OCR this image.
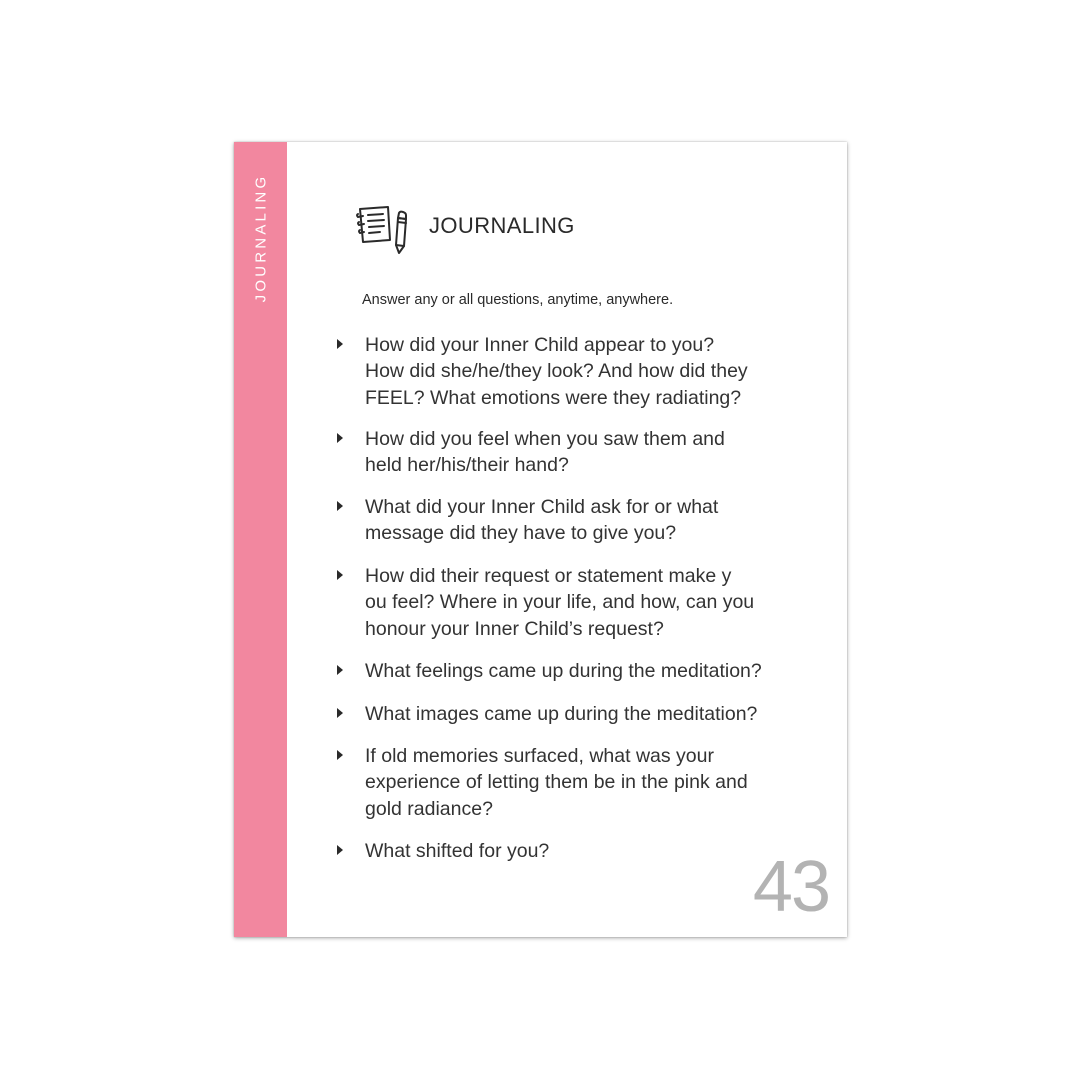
JOURNALING	JOURNALING
Answer any or all questions, anytime, anywhere.
How did your Inner Child appear to you?
How did she/he/they look? And how did they
FEEL? What emotions were they radiating?
How did you feel when you saw them and
held her/his/their hand?
What did your Inner Child ask for or what
message did they have to give you?
How did their request or statement make y
ou feel? Where in your life, and how, can you
honour your Inner Child’s request?
What feelings came up during the meditation?
What images came up during the meditation?
If old memories surfaced, what was your
experience of letting them be in the pink and
gold radiance?
What shifted for you?	43
